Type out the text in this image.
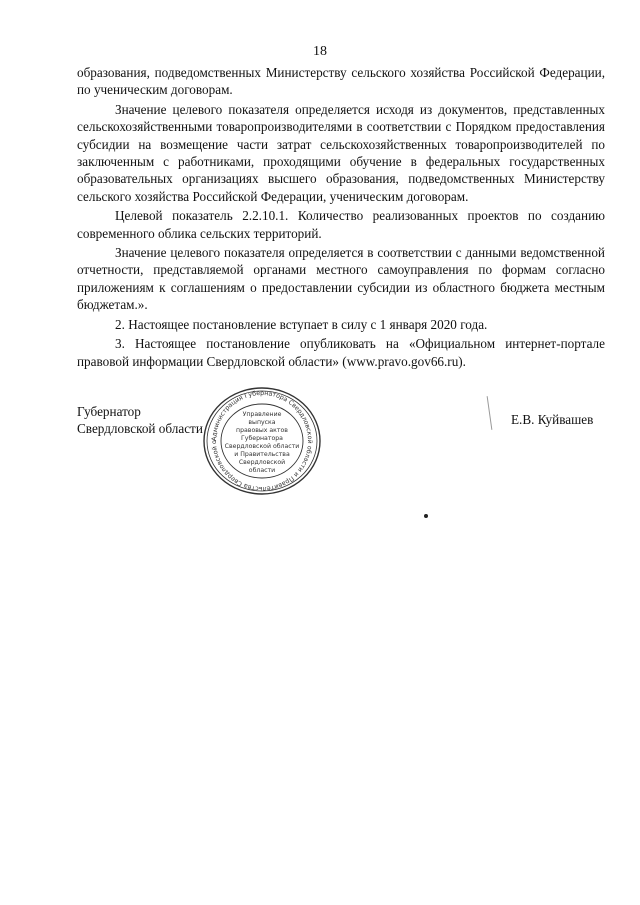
18

образования, подведомственных Министерству сельского хозяйства Российской Федерации, по ученическим договорам.

Значение целевого показателя определяется исходя из документов, представленных сельскохозяйственными товаропроизводителями в соответствии с Порядком предоставления субсидии на возмещение части затрат сельскохозяйственных товаропроизводителей по заключенным с работниками, проходящими обучение в федеральных государственных образовательных организациях высшего образования, подведомственных Министерству сельского хозяйства Российской Федерации, ученическим договорам.

Целевой показатель 2.2.10.1. Количество реализованных проектов по созданию современного облика сельских территорий.

Значение целевого показателя определяется в соответствии с данными ведомственной отчетности, представляемой органами местного самоуправления по формам согласно приложениям к соглашениям о предоставлении субсидии из областного бюджета местным бюджетам.».

2. Настоящее постановление вступает в силу с 1 января 2020 года.

3. Настоящее постановление опубликовать на «Официальном интернет-портале правовой информации Свердловской области» (www.pravo.gov66.ru).

Губернатор
Свердловской области
Администрация Губернатора Свердловской области и Правительства Свердловской о
Управление
выпуска
правовых актов
Губернатора
Свердловской области
и Правительства
Свердловской
области
Е.В. Куйвашев
